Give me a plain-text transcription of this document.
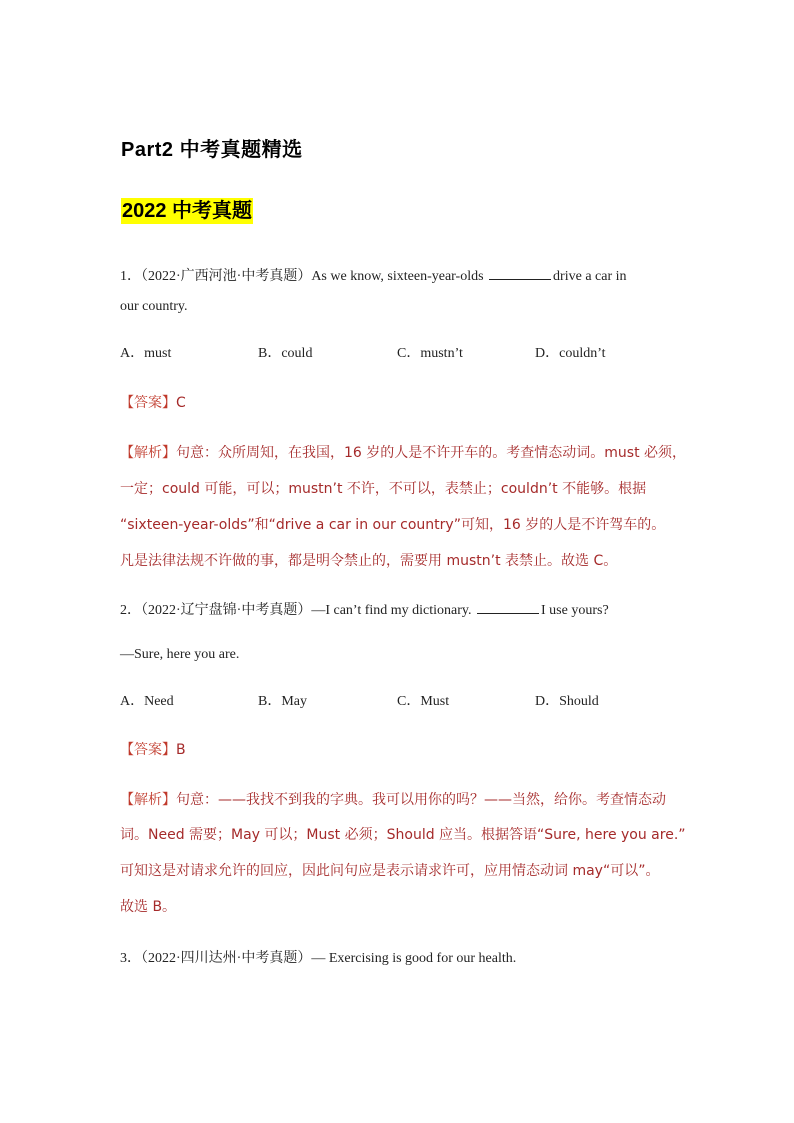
Part2 中考真题精选
2022 中考真题
1．（2022·广西河池·中考真题）As we know, sixteen-year-olds	drive a car in
our country.
A．must	B．could	C．mustn’t	D．couldn’t
【答案】C
【解析】句意：众所周知，在我国，16 岁的人是不许开车的。考查情态动词。must 必须，
一定；could 可能，可以；mustn’t 不许，不可以，表禁止；couldn’t 不能够。根据
“sixteen-year-olds”和“drive a car in our country”可知，16 岁的人是不许驾车的。
凡是法律法规不许做的事，都是明令禁止的，需要用 mustn’t 表禁止。故选 C。
2．（2022·辽宁盘锦·中考真题）—I can’t find my dictionary.	I use yours?
—Sure, here you are.
A．Need	B．May	C．Must	D．Should
【答案】B
【解析】句意：——我找不到我的字典。我可以用你的吗？——当然，给你。考查情态动
词。Need 需要；May 可以；Must 必须；Should 应当。根据答语“Sure, here you are.”
可知这是对请求允许的回应，因此问句应是表示请求许可，应用情态动词 may“可以”。
故选 B。
3．（2022·四川达州·中考真题）— Exercising is good for our health.
